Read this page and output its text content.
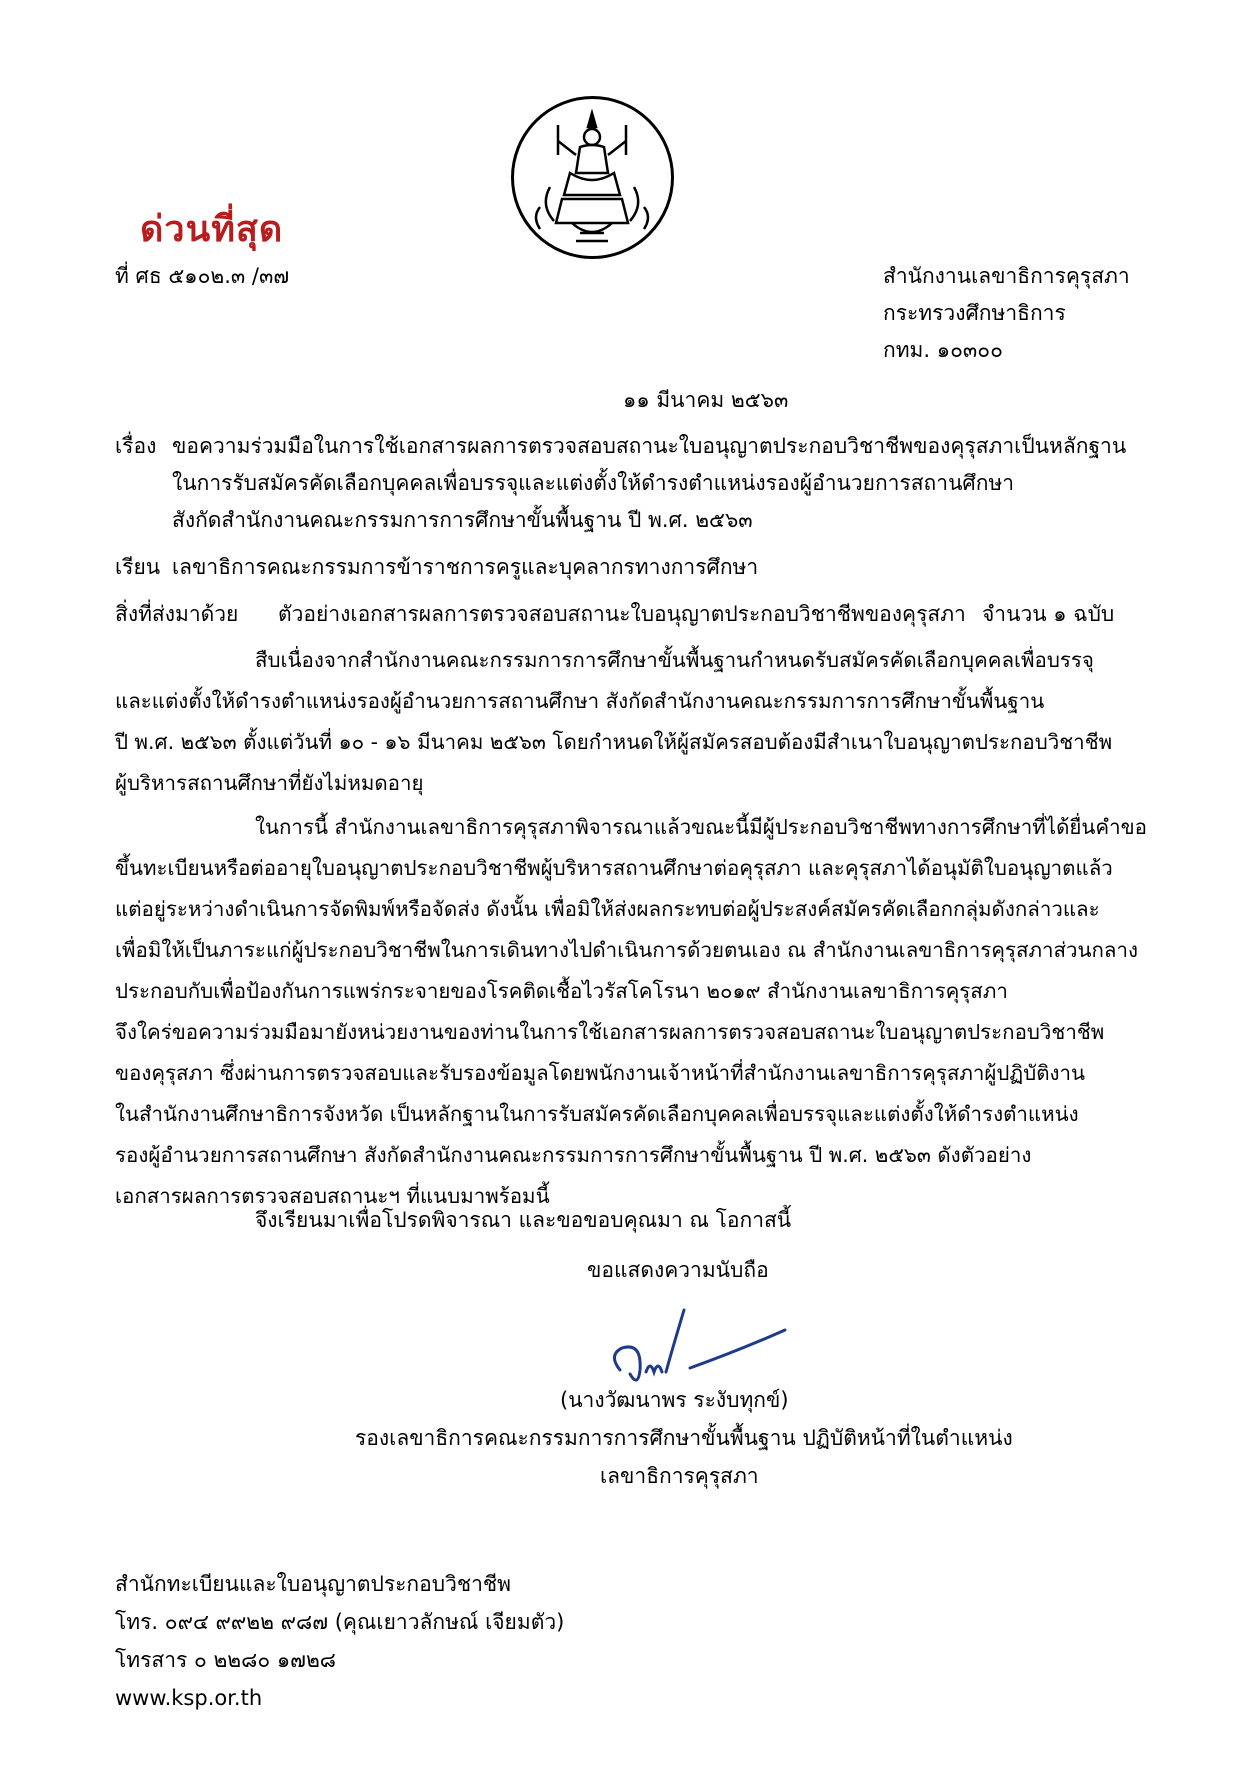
ด่วนที่สุด
ที่ ศธ ๕๑๐๒.๓ /๓๗	สำนักงานเลขาธิการคุรุสภา
กระทรวงศึกษาธิการ
กทม. ๑๐๓๐๐
๑๑ มีนาคม ๒๕๖๓
เรื่อง ขอความร่วมมือในการใช้เอกสารผลการตรวจสอบสถานะใบอนุญาตประกอบวิชาชีพของคุรุสภาเป็นหลักฐาน
ในการรับสมัครคัดเลือกบุคคลเพื่อบรรจุและแต่งตั้งให้ดำรงตำแหน่งรองผู้อำนวยการสถานศึกษา
สังกัดสำนักงานคณะกรรมการการศึกษาขั้นพื้นฐาน ปี พ.ศ. ๒๕๖๓
เรียน เลขาธิการคณะกรรมการข้าราชการครูและบุคลากรทางการศึกษา
สิ่งที่ส่งมาด้วย ตัวอย่างเอกสารผลการตรวจสอบสถานะใบอนุญาตประกอบวิชาชีพของคุรุสภา จำนวน ๑ ฉบับ
สืบเนื่องจากสำนักงานคณะกรรมการการศึกษาขั้นพื้นฐานกำหนดรับสมัครคัดเลือกบุคคลเพื่อบรรจุ
และแต่งตั้งให้ดำรงตำแหน่งรองผู้อำนวยการสถานศึกษา สังกัดสำนักงานคณะกรรมการการศึกษาขั้นพื้นฐาน
ปี พ.ศ. ๒๕๖๓ ตั้งแต่วันที่ ๑๐ - ๑๖ มีนาคม ๒๕๖๓ โดยกำหนดให้ผู้สมัครสอบต้องมีสำเนาใบอนุญาตประกอบวิชาชีพ
ผู้บริหารสถานศึกษาที่ยังไม่หมดอายุ
ในการนี้ สำนักงานเลขาธิการคุรุสภาพิจารณาแล้วขณะนี้มีผู้ประกอบวิชาชีพทางการศึกษาที่ได้ยื่นคำขอ
ขึ้นทะเบียนหรือต่ออายุใบอนุญาตประกอบวิชาชีพผู้บริหารสถานศึกษาต่อคุรุสภา และคุรุสภาได้อนุมัติใบอนุญาตแล้ว
แต่อยู่ระหว่างดำเนินการจัดพิมพ์หรือจัดส่ง ดังนั้น เพื่อมิให้ส่งผลกระทบต่อผู้ประสงค์สมัครคัดเลือกกลุ่มดังกล่าวและ
เพื่อมิให้เป็นภาระแก่ผู้ประกอบวิชาชีพในการเดินทางไปดำเนินการด้วยตนเอง ณ สำนักงานเลขาธิการคุรุสภาส่วนกลาง
ประกอบกับเพื่อป้องกันการแพร่กระจายของโรคติดเชื้อไวรัสโคโรนา ๒๐๑๙ สำนักงานเลขาธิการคุรุสภา
จึงใคร่ขอความร่วมมือมายังหน่วยงานของท่านในการใช้เอกสารผลการตรวจสอบสถานะใบอนุญาตประกอบวิชาชีพ
ของคุรุสภา ซึ่งผ่านการตรวจสอบและรับรองข้อมูลโดยพนักงานเจ้าหน้าที่สำนักงานเลขาธิการคุรุสภาผู้ปฏิบัติงาน
ในสำนักงานศึกษาธิการจังหวัด เป็นหลักฐานในการรับสมัครคัดเลือกบุคคลเพื่อบรรจุและแต่งตั้งให้ดำรงตำแหน่ง
รองผู้อำนวยการสถานศึกษา สังกัดสำนักงานคณะกรรมการการศึกษาขั้นพื้นฐาน ปี พ.ศ. ๒๕๖๓ ดังตัวอย่าง
เอกสารผลการตรวจสอบสถานะฯ ที่แนบมาพร้อมนี้
จึงเรียนมาเพื่อโปรดพิจารณา และขอขอบคุณมา ณ โอกาสนี้
ขอแสดงความนับถือ
(นางวัฒนาพร ระงับทุกข์)
รองเลขาธิการคณะกรรมการการศึกษาขั้นพื้นฐาน ปฏิบัติหน้าที่ในตำแหน่ง
เลขาธิการคุรุสภา
สำนักทะเบียนและใบอนุญาตประกอบวิชาชีพ
โทร. ๐๙๔ ๙๙๒๒ ๙๘๗ (คุณเยาวลักษณ์ เจียมตัว)
โทรสาร ๐ ๒๒๘๐ ๑๗๒๘
www.ksp.or.th
